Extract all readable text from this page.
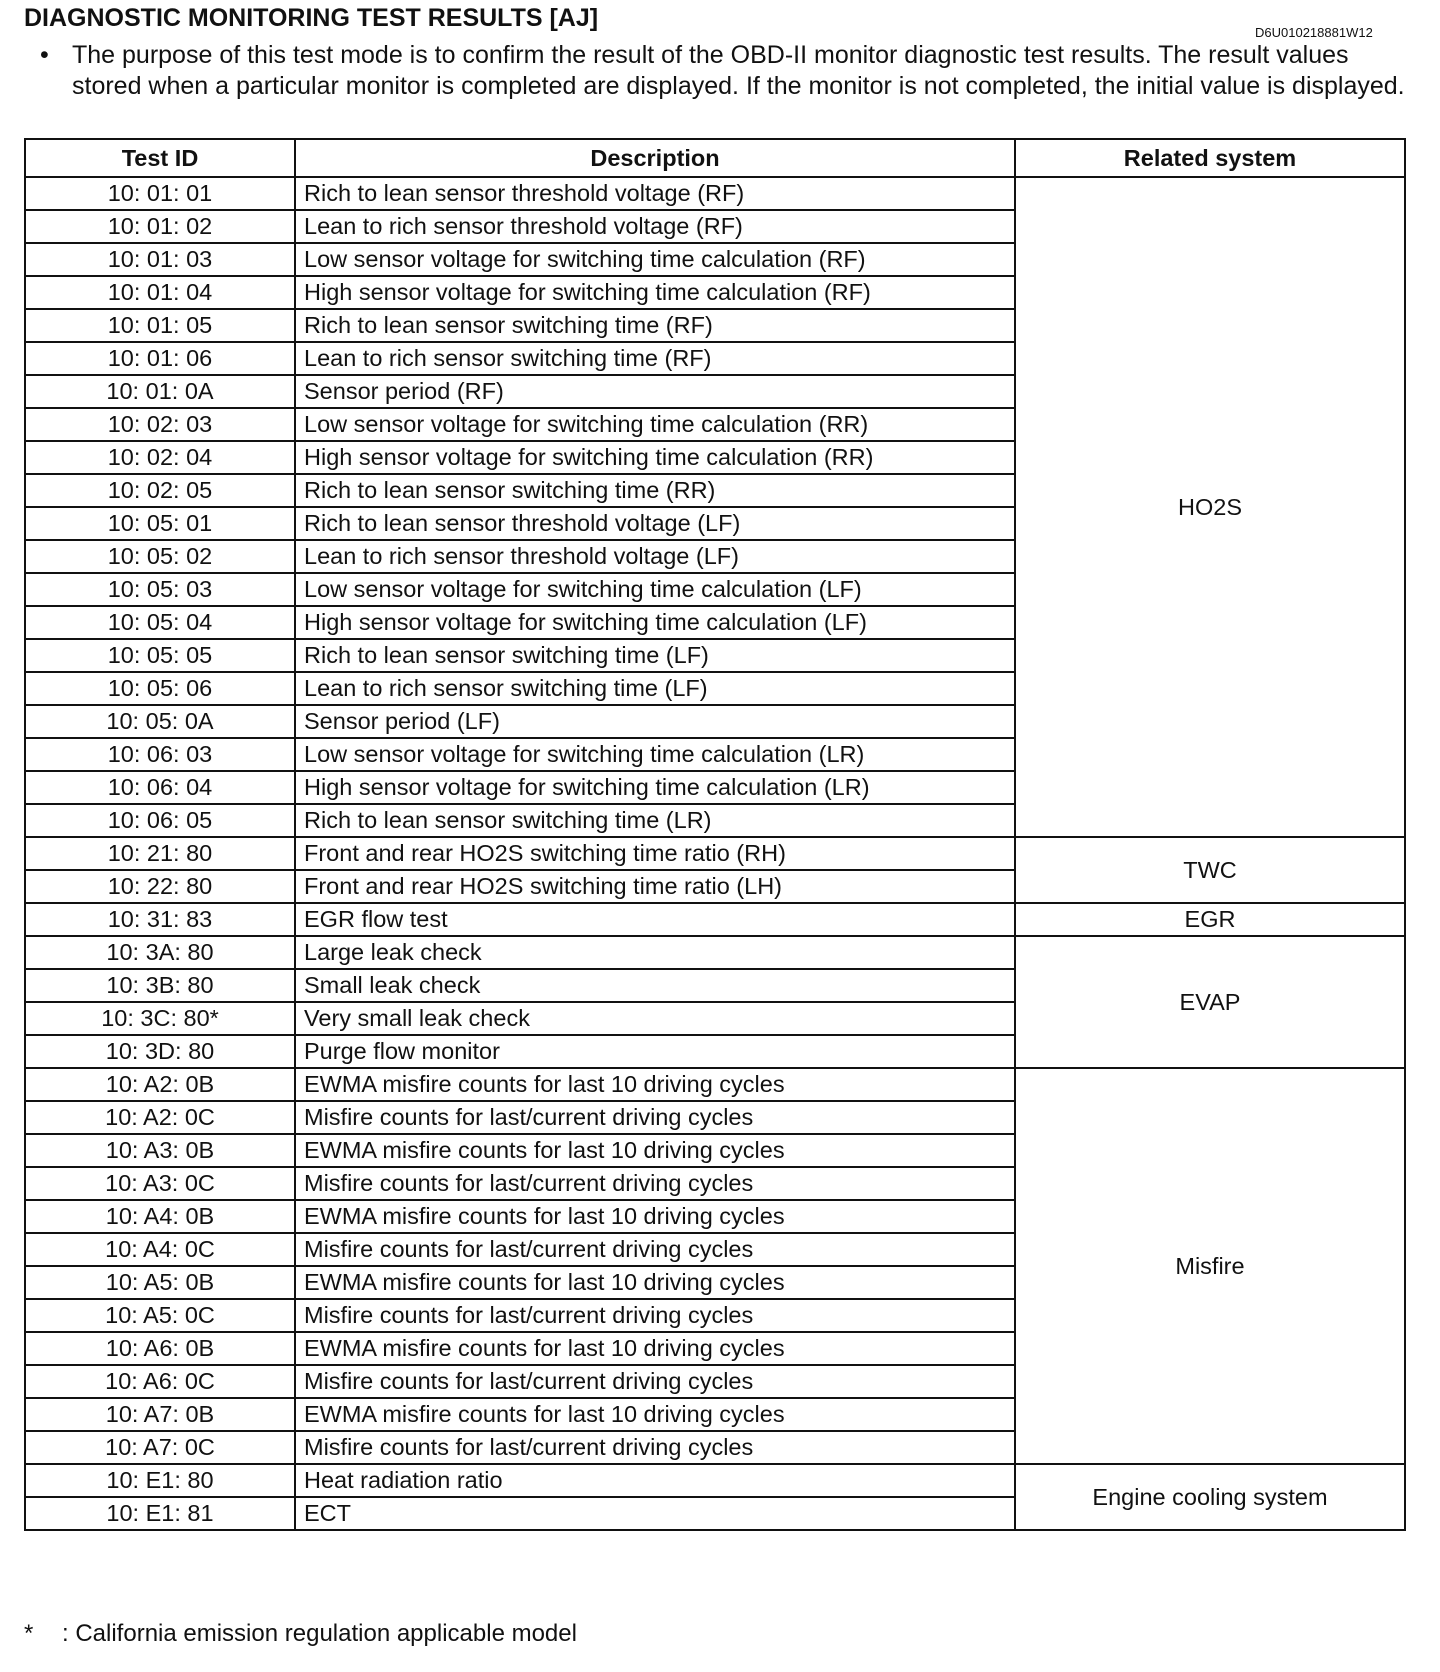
DIAGNOSTIC MONITORING TEST RESULTS [AJ]
D6U010218881W12
• The purpose of this test mode is to confirm the result of the OBD-II monitor diagnostic test results. The result values stored when a particular monitor is completed are displayed. If the monitor is not completed, the initial value is displayed.
Test ID	Description	Related system
10: 01: 01	Rich to lean sensor threshold voltage (RF)	HO2S
10: 01: 02	Lean to rich sensor threshold voltage (RF)	
10: 01: 03	Low sensor voltage for switching time calculation (RF)	
10: 01: 04	High sensor voltage for switching time calculation (RF)	
10: 01: 05	Rich to lean sensor switching time (RF)	
10: 01: 06	Lean to rich sensor switching time (RF)	
10: 01: 0A	Sensor period (RF)	
10: 02: 03	Low sensor voltage for switching time calculation (RR)	
10: 02: 04	High sensor voltage for switching time calculation (RR)	
10: 02: 05	Rich to lean sensor switching time (RR)	
10: 05: 01	Rich to lean sensor threshold voltage (LF)	
10: 05: 02	Lean to rich sensor threshold voltage (LF)	
10: 05: 03	Low sensor voltage for switching time calculation (LF)	
10: 05: 04	High sensor voltage for switching time calculation (LF)	
10: 05: 05	Rich to lean sensor switching time (LF)	
10: 05: 06	Lean to rich sensor switching time (LF)	
10: 05: 0A	Sensor period (LF)	
10: 06: 03	Low sensor voltage for switching time calculation (LR)	
10: 06: 04	High sensor voltage for switching time calculation (LR)	
10: 06: 05	Rich to lean sensor switching time (LR)	
10: 21: 80	Front and rear HO2S switching time ratio (RH)	TWC
10: 22: 80	Front and rear HO2S switching time ratio (LH)	
10: 31: 83	EGR flow test	EGR
10: 3A: 80	Large leak check	EVAP
10: 3B: 80	Small leak check	
10: 3C: 80*	Very small leak check	
10: 3D: 80	Purge flow monitor	
10: A2: 0B	EWMA misfire counts for last 10 driving cycles	Misfire
10: A2: 0C	Misfire counts for last/current driving cycles	
10: A3: 0B	EWMA misfire counts for last 10 driving cycles	
10: A3: 0C	Misfire counts for last/current driving cycles	
10: A4: 0B	EWMA misfire counts for last 10 driving cycles	
10: A4: 0C	Misfire counts for last/current driving cycles	
10: A5: 0B	EWMA misfire counts for last 10 driving cycles	
10: A5: 0C	Misfire counts for last/current driving cycles	
10: A6: 0B	EWMA misfire counts for last 10 driving cycles	
10: A6: 0C	Misfire counts for last/current driving cycles	
10: A7: 0B	EWMA misfire counts for last 10 driving cycles	
10: A7: 0C	Misfire counts for last/current driving cycles	
10: E1: 80	Heat radiation ratio	Engine cooling system
10: E1: 81	ECT	
* : California emission regulation applicable model
